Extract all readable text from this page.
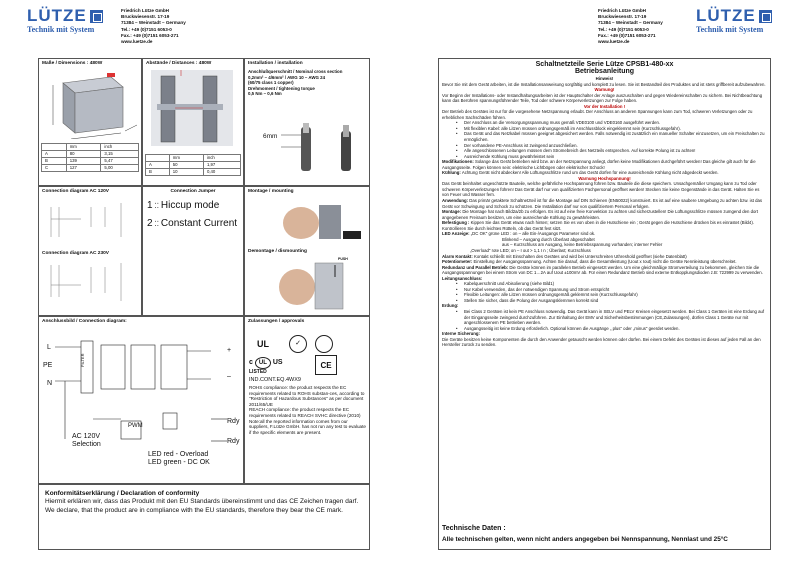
LÜTZE
Technik mit System
Friedrich Lütze GmbH
Bruckwiesenstr. 17-19
71384 – Weinstadt – Germany
Tel.: +49 (0)7151 6053-0
Fax.: +49 (0)7151 6053-271
www.luetze.de
Friedrich Lütze GmbH
Bruckwiesenstr. 17-19
71384 – Weinstadt – Germany
Tel.: +49 (0)7151 6053-0
Fax.: +49 (0)7151 6053-271
www.luetze.de
LÜTZE
Technik mit System
Maße / Dimensions : 480W
	mm	inch
A	80	3,15
B	139	5,47
C	127	5,00
Abstände / Distances : 480W
	mm	inch
A	50	1,97
B	10	0,40
Installation / installation
Anschlußquerschnitt / Nominal cross section
0,2mm² – 4/6mm² / AWG 10 – AWG 24
(60/75 class 1 copper)
Drehmoment / tightening torque
0,5 Nm – 0,6 Nm
6mm
Connection diagram AC 120V
Connection diagram AC 230V
Connection Jumper
1 ⁚⁚ Hiccup mode
2 ⁚⁚ Constant Current
Montage / mounting
Demontage / dismounting
PUSH
Anschlussbild / Connection diagram:
L
PE
N
FILTER
PWM
AC 120V
Selection
LED red - Overload
LED green - DC OK
Rdy
Rdy
+
–
Zulassungen / approvals
UL	✓
c UL US
LISTED
CE
IND.CONT.EQ.4WX9
ROHS compliance: the product respects the EC requirements related to ROHS substan-ces, according to "Restriction of Hazardous Substances" as per document 2011/65/UE
REACH compliance: the product respects the EC requirements related to REACH SVHC directive (2010)
Note:all the reported information comes from our suppliers, F.Lütze GmbH. has not run any test to evaluate if the specific elements are present.
Konformitätserklärung / Declaration of conformity
Hiermit erklären wir, dass das Produkt mit den EU Standards übereinstimmt und das CE Zeichen tragen darf.
We declare, that the product are in compliance with the EU standards, therefore they bear the CE mark.
Schaltnetzteile Serie Lütze CPSB1-480-xx
Betriebsanleitung

Hinweis!

Bevor Sie mit dem Gerät arbeiten, ist die Installationsanweisung sorgfältig und komplett zu lesen. Sie ist Bestandteil des Produktes und ist stets griffbereit aufzubewahren.

Warnung!

Vor Beginn der Installations- oder Instandhaltungsarbeiten ist der Hauptschalter der Anlage auszuschalten und gegen Wiedereinschalten zu sichern. Bei Nichtbeachtung kann das Berühren spannungsführender Teile, Tod oder schwere Körperverletzungen zur Folge haben.

Vor der Installation !

Der Betrieb des Gerätes ist nur für die vorgesehene Netzspannung erlaubt. Der Anschluss an anderen Spannungen kann zum Tod, schweren Verletzungen oder zu erheblichen Sachschäden führen.

• Der Anschluss an die Versorgungsspannung muss gemäß VDE0100 und VDE0160 ausgeführt werden.

• Mit flexiblen Kabel: alle Litzen müssen ordnungsgemäß im Anschlussblock eingeklemmt sein (Kurzschlussgefahr).

• Das Gerät und das Netzkabel müssen geeignet abgesichert werden. Falls notwendig ist zusätzlich ein manueller Schalter einzusetzen, um ein Freischalten zu ermöglichen.

• Der vorhandene PE-Anschluss ist zwingend anzuschließen.

• Alle angeschlossenen Leitungen müssen dem Stromebreich des Netzteils entsprechen. Auf korrekte Polung ist zu achten!

• Ausreichende Kühlung muss gewährleistet sein

Modifikationen: Solange das Gerät betrieben wird bzw. an der Netzspannung anliegt, dürfen keine Modifikationen durchgeführt werden! Das gleiche gilt auch für die Ausgangsseite. Folgen können sein: elektrische Lichtbögen oder elektrischer Schock!

Kühlung: Achtung Gerät nicht abdecken! Alle Lüftungsschlitze rund um das Gerät dürfen für eine ausreichende Kühlung nicht abgedeckt werden.

Warnung Hochspannung!

Das Gerät beinhaltet ungeschützte Bauteile, welche gefährliche Hochspannung führen bzw. Bauteile die diese speichern. Unsachgemäßer Umgang kann zu Tod oder schweren Körperverletzungen führen! Das Gerät darf nur von qualifizierten Fachpersonal geöffnet werden! Stecken Sie keine Gegenstände in das Gerät. Halten Sie es von Feuer und Wasser fern.

Anwendung: Das primär getaktete Schaltnetzteil ist für die Montage auf DIN Schienen (EN50022) konstruiert. Es ist auf eine saubere Umgebung zu achten bzw. ist das Gerät vor Schwingung und Schock zu schützen. Die Installation darf nur von qualifiziertem Personal erfolgen.

Montage: Die Montage hat nach Bild2a/2b zu erfolgen. Es ist auf eine freie Konvektion zu achten und sicherzustellen! Die Lüftungsschlitze müssen zumgend den dort angegebenen Freiraum besitzen, um eine ausreichende Kühlung zu gewährleisten.

Befestigung : Kippen Sie das Gerät etwas nach hinten; setzen Sie es von oben in die Hutschiene ein ; Gerät gegen die Hutschiene drücken bis es einrastet (Bild4). Kontrollieren Sie durch leichtes Rütteln, ob das Gerät fest sitzt.

LED Anzeige: „DC OK" grüne LED : on – alle Ein-/Ausgangs Parameter sind ok.

Blinkend – Ausgang durch Überlast abgeschaltet

aus – Kurzschluss am Ausgang, keine Betriebsspannung vorhanden; interner Fehler

„Overload" rote LED; on – I out > 1,1 I n ; Überlast; Kurzschluss

Alarm Kontakt: Kontakt schließt mit Einschalten des Gerätes und wird bei Unterschreiten Uthreshold geöffnet (siehe Datenblatt)

Potentiometer: Einstellung der Ausgangsspannung. Achten Sie darauf, dass die Gesamtleistung (Uout x Iout) nicht die Geräte Nennleistung überschreitet.

Redundanz und Parallel Betrieb: Die Geräte können im parallelen Betrieb eingesetzt werden. Um eine gleichmäßige Stromverteilung zu bekommen, gleichen Sie die Ausgangsspannungen bei einem Strom von DC 1…2A auf Uout ±100mV ab. Für einen Redundanz Betrieb sind externe Entkopplungsdioden z.B: 722999 zu verwenden.

Leitungsanschluss:

• Kabelquerschnitt und Abisolierung (siehe Bild1)

• Nur Kabel verwenden, das der notwendigen Spannung und Strom entspricht

• Flexible Leitungen: alle Litzen müssen ordnungsgemäß geklemmt sein (Kurzschlussgefahr)

• Stellen Sie sicher, dass die Polung der Ausgangsklemmen korrekt sind

Erdung:

• Bei Class 2 Geräten ist kein PE Anschluss notwendig. Das Gerät kann in SELV und PELV Kreisen eingesetzt werden. Bei Class 1 Geräten ist eine Erdung auf der Eingangsseite zwingend durchzuführen. Zur Einhaltung der EMV und Sicherheitsbestimmungen (CE,Zulassungen), dürfen Class 1 Geräte nur mit angeschlossenem PE betrieben werden.

• Ausgangsseitig ist keine Erdung erforderlich. Optional können die Ausgänge „ plus" oder „minus" geerdet werden.

Interne Sicherung:

Die Geräte besitzen keine Komponenten die durch den Anwender getauscht werden können oder dürfen. Bei einem Defekt des Gerätes ist dieses auf jeden Fall an den Hersteller zurück zu senden.

Technische Daten :
Alle technischen gelten, wenn nicht anders angegeben bei Nennspannung, Nennlast und 25°C
